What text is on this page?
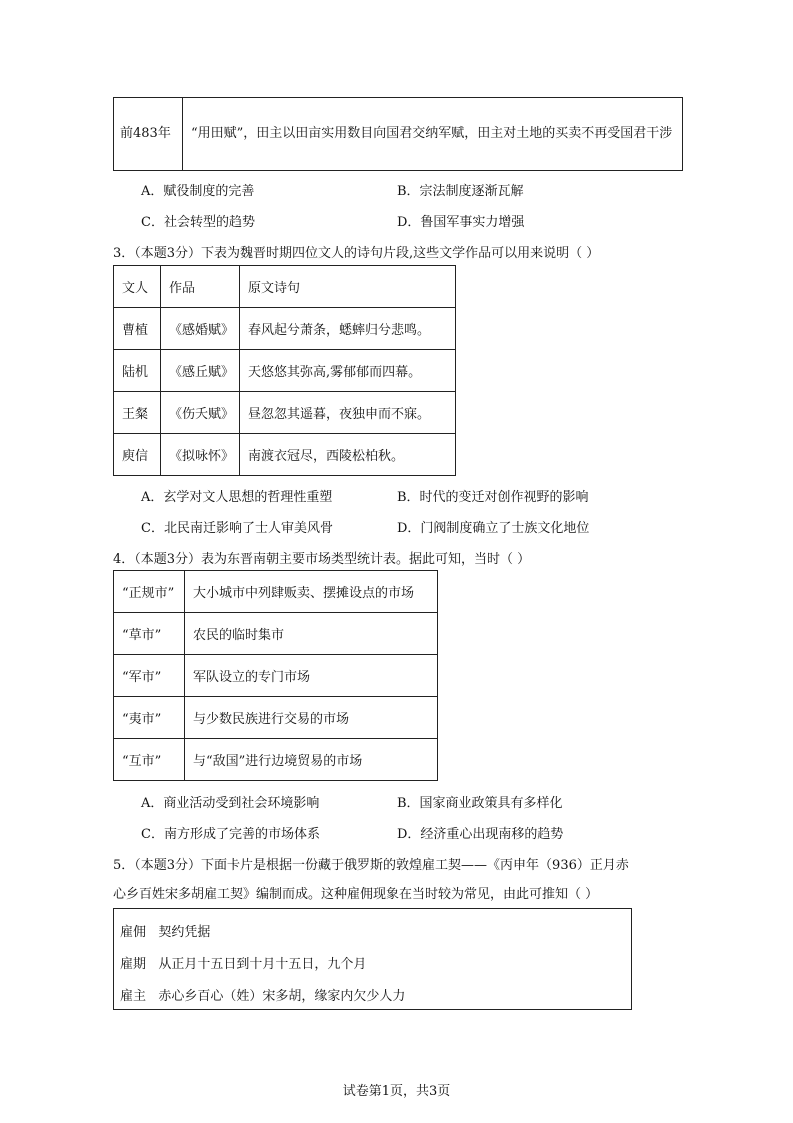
前483年	“用田赋”，田主以田亩实用数目向国君交纳军赋，田主对土地的买卖不再受国君干涉
A．赋役制度的完善	B．宗法制度逐渐瓦解
C．社会转型的趋势	D．鲁国军事实力增强
3．（本题3分）下表为魏晋时期四位文人的诗句片段,这些文学作品可以用来说明（ ）
文人	作品	原文诗句
曹植	《感婚赋》	春风起兮萧条，蟋蟀归兮悲鸣。
陆机	《感丘赋》	天悠悠其弥高,雾郁郁而四幕。
王粲	《伤夭赋》	昼忽忽其遥暮，夜独申而不寐。
庾信	《拟咏怀》	南渡衣冠尽，西陵松柏秋。
A．玄学对文人思想的哲理性重塑	B．时代的变迁对创作视野的影响
C．北民南迁影响了士人审美风骨	D．门阀制度确立了士族文化地位
4．（本题3分）表为东晋南朝主要市场类型统计表。据此可知，当时（ ）
“正规市”	大小城市中列肆贩卖、摆摊设点的市场
“草市”	农民的临时集市
“军市”	军队设立的专门市场
“夷市”	与少数民族进行交易的市场
“互市”	与“敌国”进行边境贸易的市场
A．商业活动受到社会环境影响	B．国家商业政策具有多样化
C．南方形成了完善的市场体系	D．经济重心出现南移的趋势
5．（本题3分）下面卡片是根据一份藏于俄罗斯的敦煌雇工契——《丙申年（936）正月赤
心乡百姓宋多胡雇工契》编制而成。这种雇佣现象在当时较为常见，由此可推知（ ）
雇佣 契约凭据
雇期 从正月十五日到十月十五日，九个月
雇主 赤心乡百心（姓）宋多胡，缘家内欠少人力
试卷第1页，共3页
